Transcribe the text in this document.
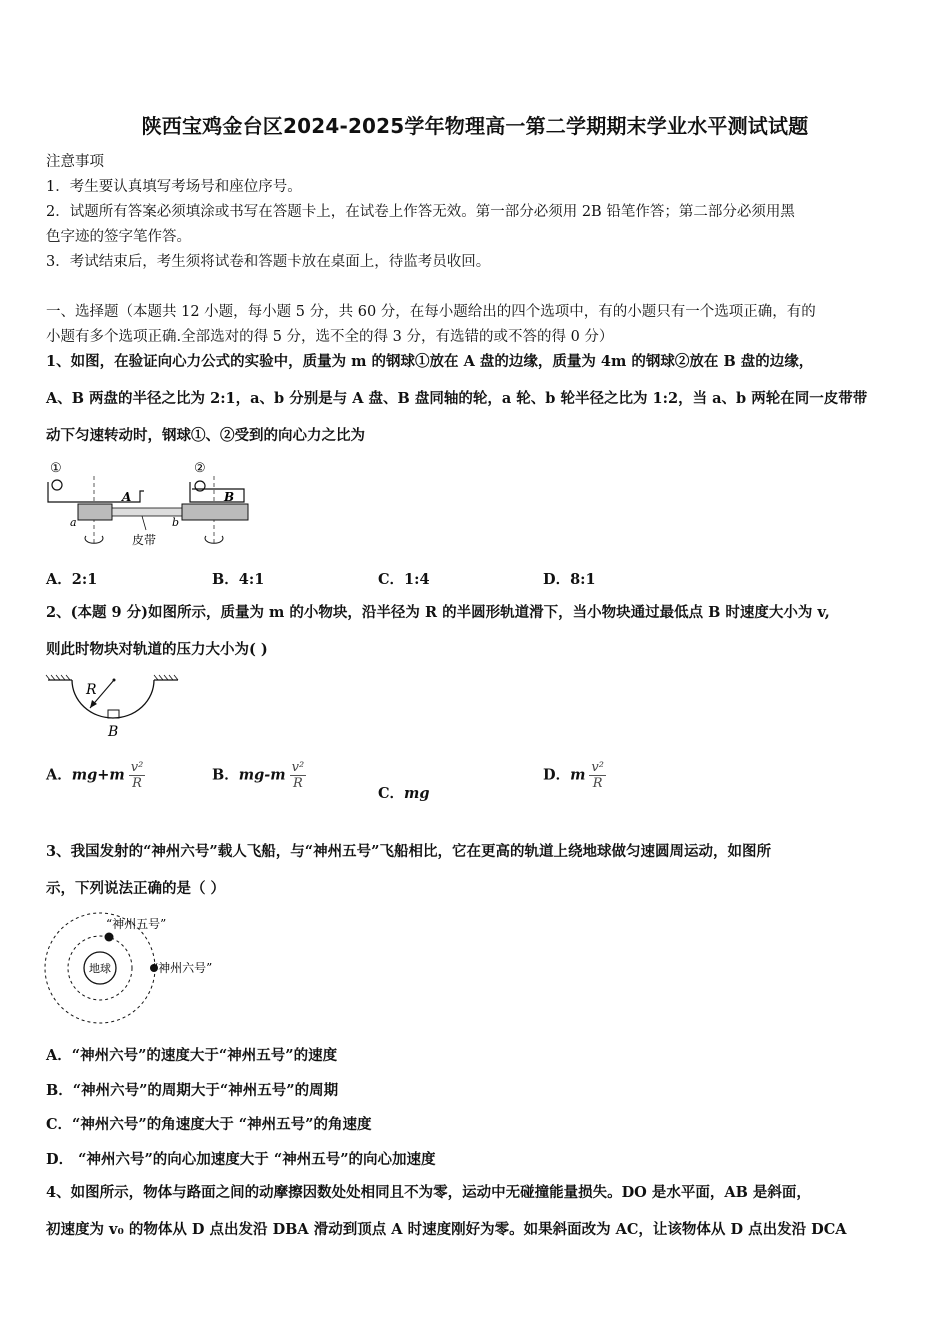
陕西宝鸡金台区2024-2025学年物理高一第二学期期末学业水平测试试题
注意事项
1．考生要认真填写考场号和座位序号。
2．试题所有答案必须填涂或书写在答题卡上，在试卷上作答无效。第一部分必须用 2B 铅笔作答；第二部分必须用黑
色字迹的签字笔作答。
3．考试结束后，考生须将试卷和答题卡放在桌面上，待监考员收回。
一、选择题（本题共 12 小题，每小题 5 分，共 60 分，在每小题给出的四个选项中，有的小题只有一个选项正确，有的
小题有多个选项正确.全部选对的得 5 分，选不全的得 3 分，有选错的或不答的得 0 分）
1、如图，在验证向心力公式的实验中，质量为 m 的钢球①放在 A 盘的边缘，质量为 4m 的钢球②放在 B 盘的边缘，
A、B 两盘的半径之比为 2:1，a、b 分别是与 A 盘、B 盘同轴的轮，a 轮、b 轮半径之比为 1:2，当 a、b 两轮在同一皮带带
动下匀速转动时，钢球①、②受到的向心力之比为
①
A
a
②
B
b
皮带
A．2:1	B．4:1	C．1:4	D．8:1
2、(本题 9 分)如图所示，质量为 m 的小物块，沿半径为 R 的半圆形轨道滑下，当小物块通过最低点 B 时速度大小为 v,
则此时物块对轨道的压力大小为( )
R
B
A．$mg+m \frac{\text{v²}}{R}$	B．$mg-m \frac{\text{v²}}{R}$
C．mg
D．m $\frac{\text{v²}}{R}$
3、我国发射的“神州六号”载人飞船，与“神州五号”飞船相比，它在更高的轨道上绕地球做匀速圆周运动，如图所
示，下列说法正确的是（ ）
地球
“神州五号”
“神州六号”
A．“神州六号”的速度大于“神州五号”的速度
B．“神州六号”的周期大于“神州五号”的周期
C．“神州六号”的角速度大于 “神州五号”的角速度
D． “神州六号”的向心加速度大于 “神州五号”的向心加速度
4、如图所示，物体与路面之间的动摩擦因数处处相同且不为零，运动中无碰撞能量损失。DO 是水平面，AB 是斜面，
初速度为 v₀ 的物体从 D 点出发沿 DBA 滑动到顶点 A 时速度刚好为零。如果斜面改为 AC，让该物体从 D 点出发沿 DCA
